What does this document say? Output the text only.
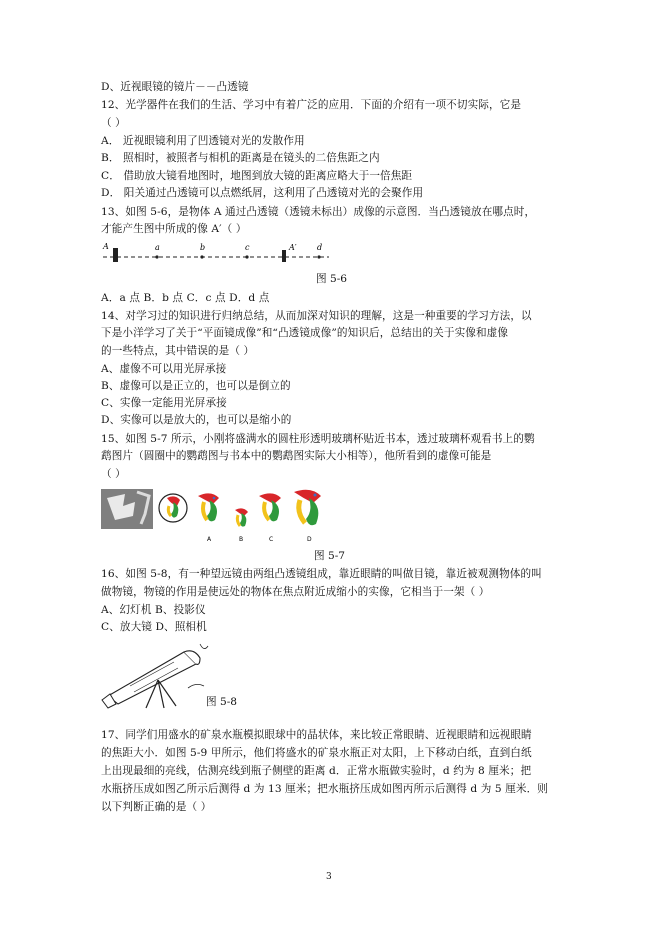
D、近视眼镜的镜片－－凸透镜
12、光学器件在我们的生活、学习中有着广泛的应用．下面的介绍有一项不切实际，它是
（ ）
A． 近视眼镜利用了凹透镜对光的发散作用
B． 照相时，被照者与相机的距离是在镜头的二倍焦距之内
C． 借助放大镜看地图时，地图到放大镜的距离应略大于一倍焦距
D． 阳关通过凸透镜可以点燃纸屑，这利用了凸透镜对光的会聚作用
13、如图 5-6，是物体 A 通过凸透镜（透镜未标出）成像的示意图．当凸透镜放在哪点时，
才能产生图中所成的像 A′（ ）
A	a	b	c	A′	d
图 5-6
A．a 点 B．b 点 C．c 点 D．d 点
14、对学习过的知识进行归纳总结，从而加深对知识的理解，这是一种重要的学习方法，以
下是小洋学习了关于“平面镜成像”和“凸透镜成像”的知识后，总结出的关于实像和虚像
的一些特点，其中错误的是（ ）
A、虚像不可以用光屏承接
B、虚像可以是正立的，也可以是倒立的
C、实像一定能用光屏承接
D、实像可以是放大的，也可以是缩小的
15、如图 5-7 所示，小刚将盛满水的圆柱形透明玻璃杯贴近书本，透过玻璃杯观看书上的鹦
鹉图片（圆圈中的鹦鹉图与书本中的鹦鹉图实际大小相等），他所看到的虚像可能是
（ ）
A	B	C	D
图 5-7
16、如图 5-8，有一种望远镜由两组凸透镜组成，靠近眼睛的叫做目镜，靠近被观测物体的叫
做物镜，物镜的作用是使远处的物体在焦点附近成缩小的实像，它相当于一架（ ）
A、幻灯机 B、投影仪
C、放大镜 D、照相机
图 5-8
17、同学们用盛水的矿泉水瓶模拟眼球中的晶状体，来比较正常眼睛、近视眼睛和远视眼睛
的焦距大小．如图 5-9 甲所示，他们将盛水的矿泉水瓶正对太阳，上下移动白纸，直到白纸
上出现最细的亮线，估测亮线到瓶子侧壁的距离 d．正常水瓶做实验时，d 约为 8 厘米；把
水瓶挤压成如图乙所示后测得 d 为 13 厘米；把水瓶挤压成如图丙所示后测得 d 为 5 厘米．则
以下判断正确的是（ ）
3
